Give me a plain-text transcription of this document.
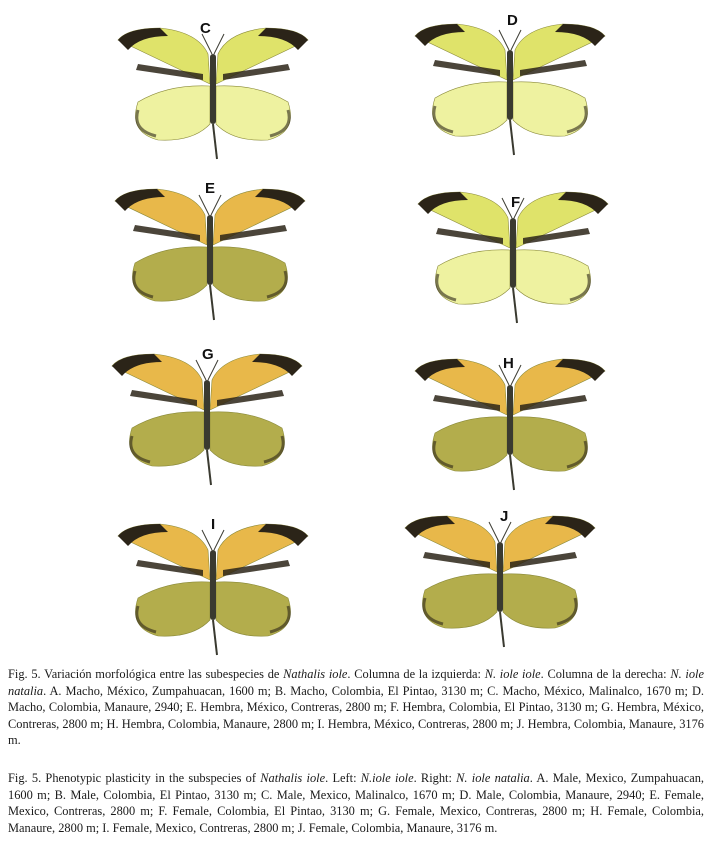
C	D
E
F
G
H
I	J

Fig. 5. Variación morfológica entre las subespecies de Nathalis iole. Columna de la izquierda: N. iole iole. Columna de la derecha: N. iole natalia. A. Macho, México, Zumpahuacan, 1600 m; B. Macho, Colombia, El Pintao, 3130 m; C. Macho, México, Malinalco, 1670 m; D. Macho, Colombia, Manaure, 2940; E. Hembra, México, Contreras, 2800 m; F. Hembra, Colombia, El Pintao, 3130 m; G. Hembra, México, Contreras, 2800 m; H. Hembra, Colombia, Manaure, 2800 m; I. Hembra, México, Contreras, 2800 m; J. Hembra, Colombia, Manaure, 3176 m.

Fig. 5. Phenotypic plasticity in the subspecies of Nathalis iole. Left: N.iole iole. Right: N. iole natalia. A. Male, Mexico, Zumpahuacan, 1600 m; B. Male, Colombia, El Pintao, 3130 m; C. Male, Mexico, Malinalco, 1670 m; D. Male, Colombia, Manaure, 2940; E. Female, Mexico, Contreras, 2800 m; F. Female, Colombia, El Pintao, 3130 m; G. Female, Mexico, Contreras, 2800 m; H. Female, Colombia, Manaure, 2800 m; I. Female, Mexico, Contreras, 2800 m; J. Female, Colombia, Manaure, 3176 m.
